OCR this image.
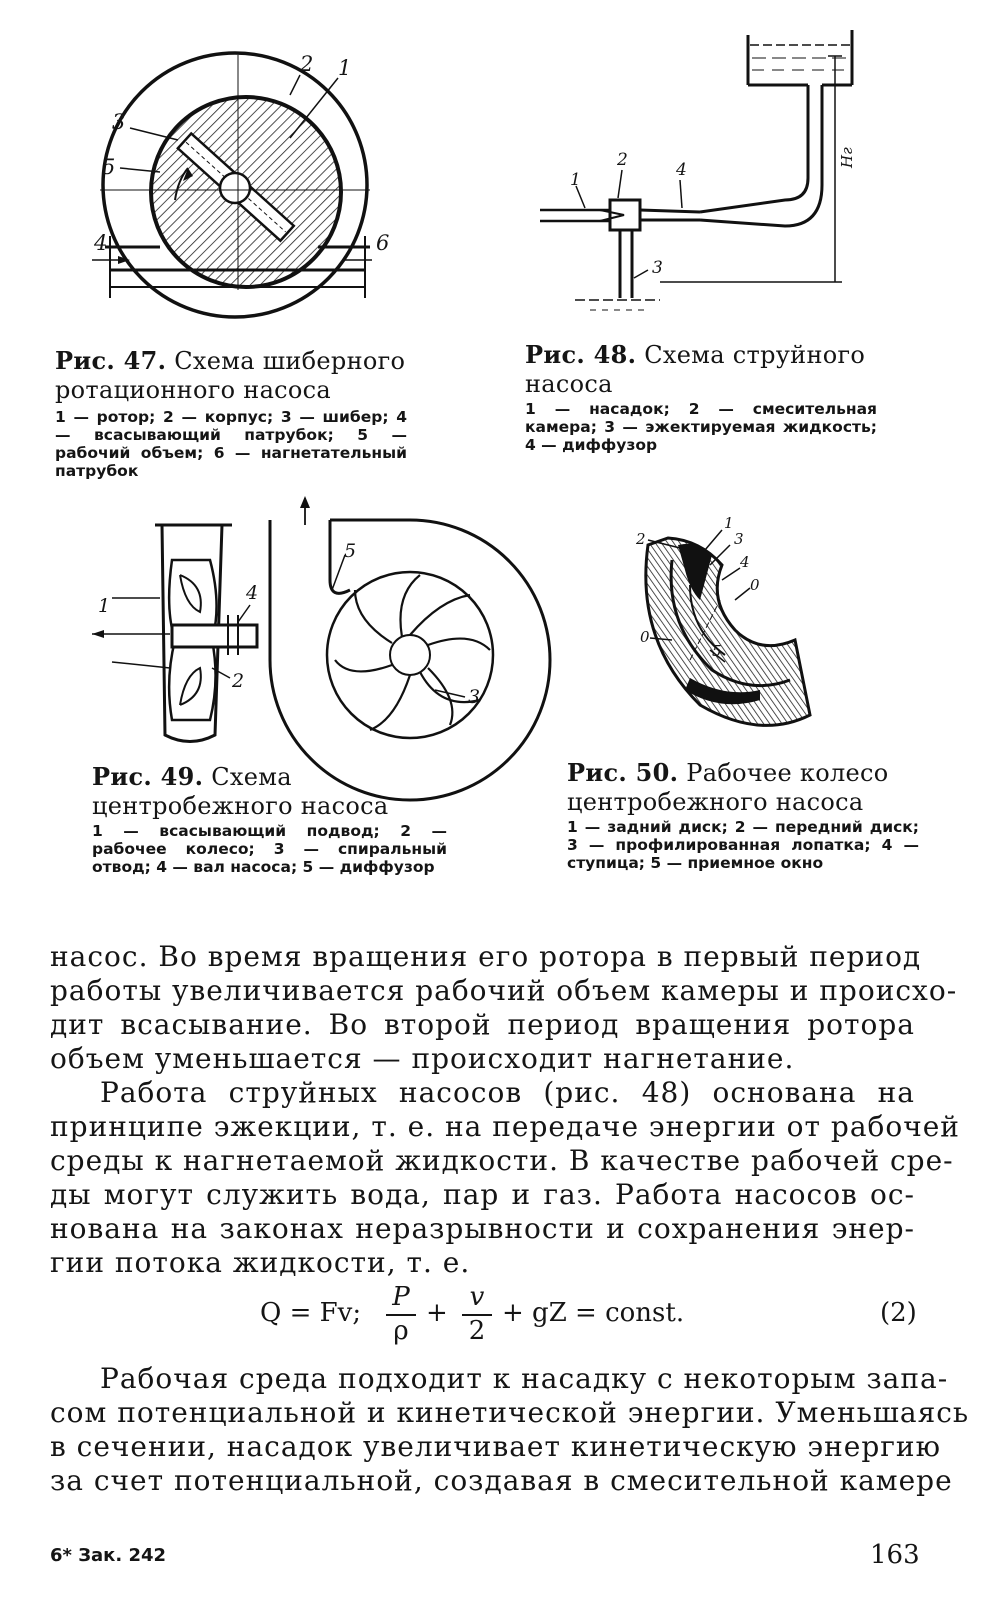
2 1
3
5
4	6
Рис. 47. Схема шиберного ротационного насоса
1 — ротор; 2 — корпус; 3 — шибер; 4 — всасывающий патрубок; 5 — рабочий объем; 6 — нагнетательный патрубок
1
2	4
3
Hг
Рис. 48. Схема струйного насоса
1 — насадок; 2 — смесительная камера; 3 — эжектируемая жидкость; 4 — диффузор
1
4
2
5
3
Рис. 49. Схема центробежного насоса
1 — всасывающий подвод; 2 — рабочее колесо; 3 — спиральный отвод; 4 — вал насоса; 5 — диффузор
2
1
3
4
0
0
5
Рис. 50. Рабочее колесо центробежного насоса
1 — задний диск; 2 — передний диск; 3 — профилированная лопатка; 4 — ступица; 5 — приемное окно
насос. Во время вращения его ротора в первый период
работы увеличивается рабочий объем камеры и происхо-
дит всасывание. Во второй период вращения ротора
объем уменьшается — происходит нагнетание.
Работа струйных насосов (рис. 48) основана на
принципе эжекции, т. е. на передаче энергии от рабочей
среды к нагнетаемой жидкости. В качестве рабочей сре-
ды могут служить вода, пар и газ. Работа насосов ос-
нована на законах неразрывности и сохранения энер-
гии потока жидкости, т. е.
Q = Fv;
P
ρ
+
v
2
+ gZ = const.	(2)
Рабочая среда подходит к насадку с некоторым запа-
сом потенциальной и кинетической энергии. Уменьшаясь
в сечении, насадок увеличивает кинетическую энергию
за счет потенциальной, создавая в смесительной камере
6* Зак. 242	163
